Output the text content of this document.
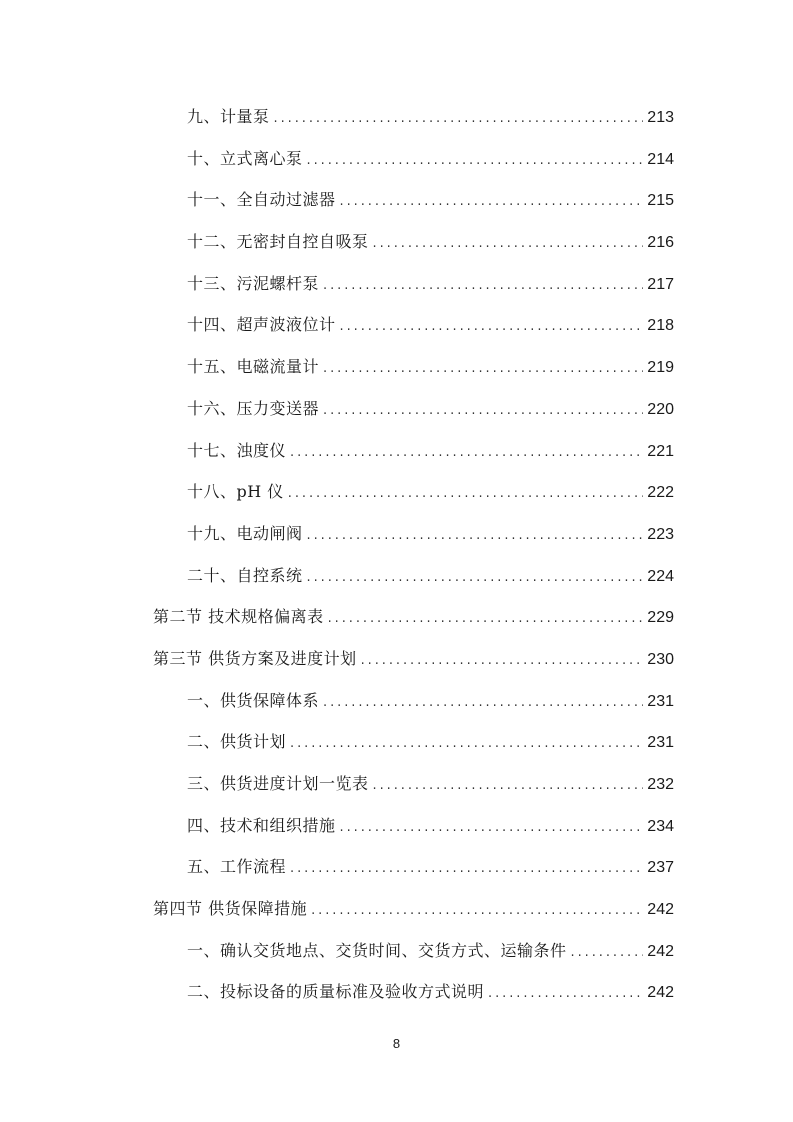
九、计量泵 . . .	213
十、立式离心泵 . . .	214
十一、全自动过滤器 . . .	215
十二、无密封自控自吸泵 . . .	216
十三、污泥螺杆泵 . . .	217
十四、超声波液位计 . . .	218
十五、电磁流量计 . . .	219
十六、压力变送器 . . .	220
十七、浊度仪 . . .	221
十八、pH 仪 . . .	222
十九、电动闸阀 . . .	223
二十、自控系统 . . .	224
第二节 技术规格偏离表 . . .	229
第三节 供货方案及进度计划 . . .	230
一、供货保障体系 . . .	231
二、供货计划 . . .	231
三、供货进度计划一览表 . . .	232
四、技术和组织措施 . . .	234
五、工作流程 . . .	237
第四节 供货保障措施 . . .	242
一、确认交货地点、交货时间、交货方式、运输条件 . . .	242
二、投标设备的质量标准及验收方式说明 . . .	242
8
